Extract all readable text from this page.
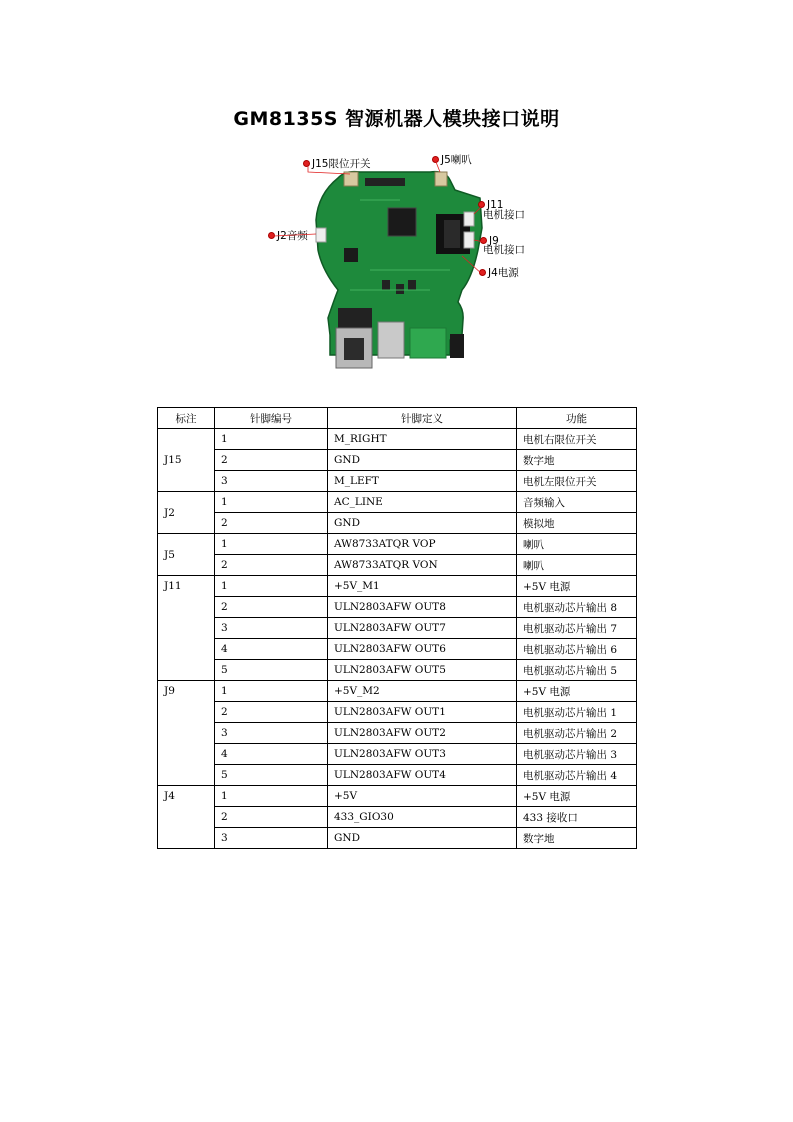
GM8135S 智源机器人模块接口说明
J15限位开关	J5喇叭
J11
电机接口
J2音频	J9
电机接口
J4电源
标注	针脚编号	针脚定义	功能
J15	1	M_RIGHT	电机右限位开关
	2	GND	数字地
	3	M_LEFT	电机左限位开关
J2	1	AC_LINE	音频输入
	2	GND	模拟地
J5	1	AW8733ATQR VOP	喇叭
	2	AW8733ATQR VON	喇叭
J11	1	+5V_M1	+5V 电源
	2	ULN2803AFW OUT8	电机驱动芯片输出 8
	3	ULN2803AFW OUT7	电机驱动芯片输出 7
	4	ULN2803AFW OUT6	电机驱动芯片输出 6
	5	ULN2803AFW OUT5	电机驱动芯片输出 5
J9	1	+5V_M2	+5V 电源
	2	ULN2803AFW OUT1	电机驱动芯片输出 1
	3	ULN2803AFW OUT2	电机驱动芯片输出 2
	4	ULN2803AFW OUT3	电机驱动芯片输出 3
	5	ULN2803AFW OUT4	电机驱动芯片输出 4
J4	1	+5V	+5V 电源
	2	433_GIO30	433 接收口
	3	GND	数字地
